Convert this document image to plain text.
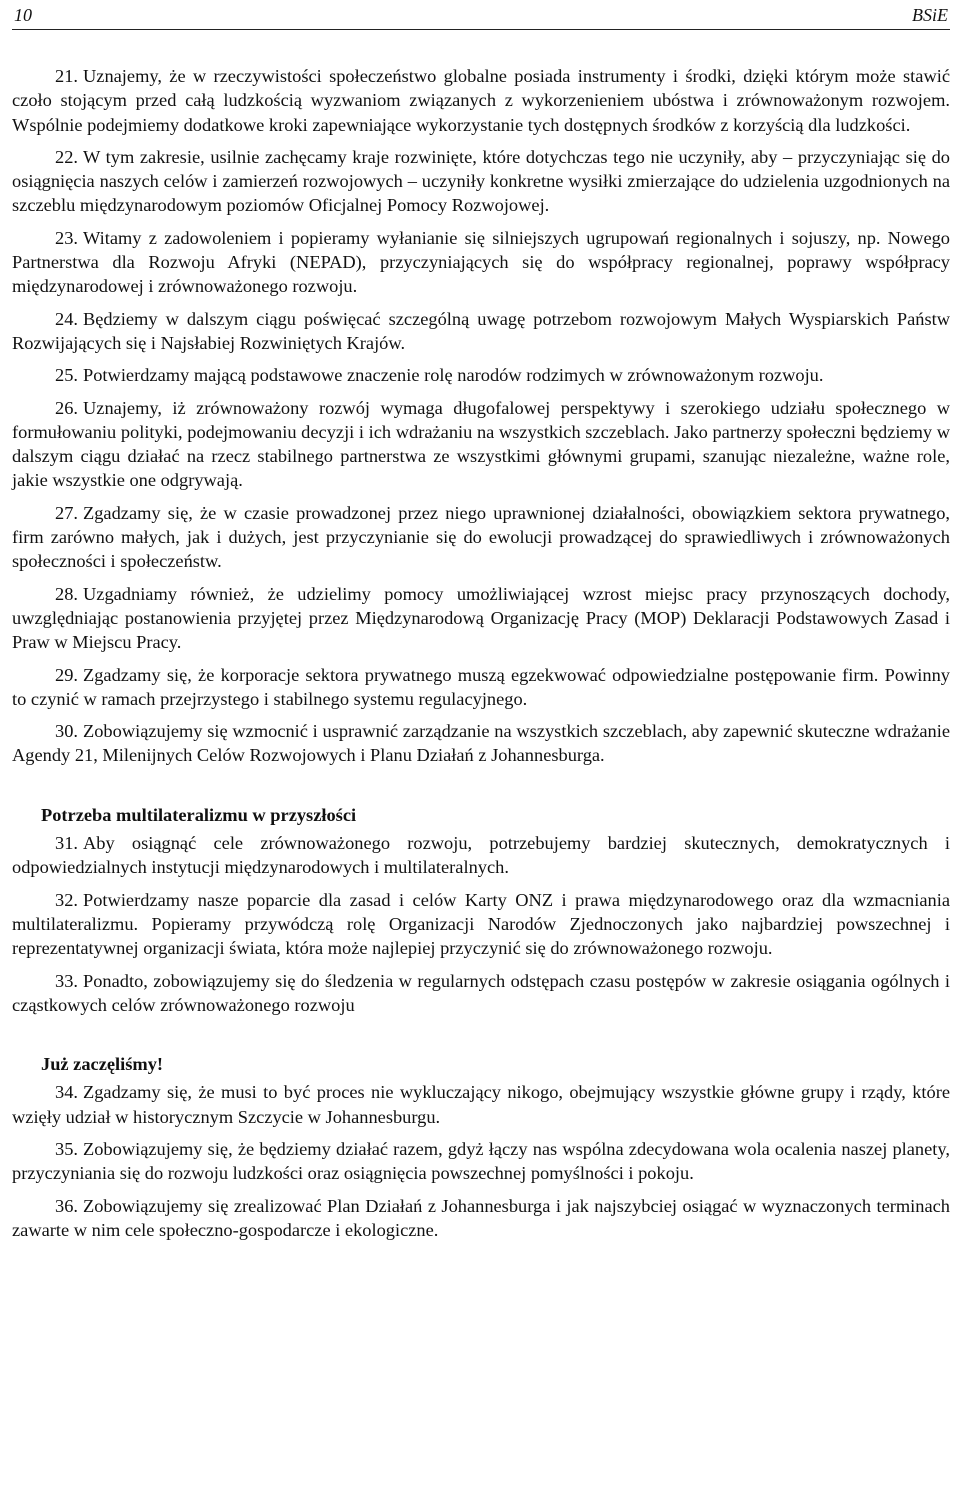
10	BSiE

21. Uznajemy, że w rzeczywistości społeczeństwo globalne posiada instrumenty i środki, dzięki którym może stawić czoło stojącym przed całą ludzkością wyzwaniom związanych z wykorzenieniem ubóstwa i zrównoważonym rozwojem. Wspólnie podejmiemy dodatkowe kroki zapewniające wykorzystanie tych dostępnych środków z korzyścią dla ludzkości.

22. W tym zakresie, usilnie zachęcamy kraje rozwinięte, które dotychczas tego nie uczyniły, aby – przyczyniając się do osiągnięcia naszych celów i zamierzeń rozwojowych – uczyniły konkretne wysiłki zmierzające do udzielenia uzgodnionych na szczeblu międzynarodowym poziomów Oficjalnej Pomocy Rozwojowej.

23. Witamy z zadowoleniem i popieramy wyłanianie się silniejszych ugrupowań regionalnych i sojuszy, np. Nowego Partnerstwa dla Rozwoju Afryki (NEPAD), przyczyniających się do współpracy regionalnej, poprawy współpracy międzynarodowej i zrównoważonego rozwoju.

24. Będziemy w dalszym ciągu poświęcać szczególną uwagę potrzebom rozwojowym Małych Wyspiarskich Państw Rozwijających się i Najsłabiej Rozwiniętych Krajów.

25. Potwierdzamy mającą podstawowe znaczenie rolę narodów rodzimych w zrównoważonym rozwoju.

26. Uznajemy, iż zrównoważony rozwój wymaga długofalowej perspektywy i szerokiego udziału społecznego w formułowaniu polityki, podejmowaniu decyzji i ich wdrażaniu na wszystkich szczeblach. Jako partnerzy społeczni będziemy w dalszym ciągu działać na rzecz stabilnego partnerstwa ze wszystkimi głównymi grupami, szanując niezależne, ważne role, jakie wszystkie one odgrywają.

27. Zgadzamy się, że w czasie prowadzonej przez niego uprawnionej działalności, obowiązkiem sektora prywatnego, firm zarówno małych, jak i dużych, jest przyczynianie się do ewolucji prowadzącej do sprawiedliwych i zrównoważonych społeczności i społeczeństw.

28. Uzgadniamy również, że udzielimy pomocy umożliwiającej wzrost miejsc pracy przynoszących dochody, uwzględniając postanowienia przyjętej przez Międzynarodową Organizację Pracy (MOP) Deklaracji Podstawowych Zasad i Praw w Miejscu Pracy.

29. Zgadzamy się, że korporacje sektora prywatnego muszą egzekwować odpowiedzialne postępowanie firm. Powinny to czynić w ramach przejrzystego i stabilnego systemu regulacyjnego.

30. Zobowiązujemy się wzmocnić i usprawnić zarządzanie na wszystkich szczeblach, aby zapewnić skuteczne wdrażanie Agendy 21, Milenijnych Celów Rozwojowych i Planu Działań z Johannesburga.

Potrzeba multilateralizmu w przyszłości

31. Aby osiągnąć cele zrównoważonego rozwoju, potrzebujemy bardziej skutecznych, demokratycznych i odpowiedzialnych instytucji międzynarodowych i multilateralnych.

32. Potwierdzamy nasze poparcie dla zasad i celów Karty ONZ i prawa międzynarodowego oraz dla wzmacniania multilateralizmu. Popieramy przywódczą rolę Organizacji Narodów Zjednoczonych jako najbardziej powszechnej i reprezentatywnej organizacji świata, która może najlepiej przyczynić się do zrównoważonego rozwoju.

33. Ponadto, zobowiązujemy się do śledzenia w regularnych odstępach czasu postępów w zakresie osiągania ogólnych i cząstkowych celów zrównoważonego rozwoju

Już zaczęliśmy!

34. Zgadzamy się, że musi to być proces nie wykluczający nikogo, obejmujący wszystkie główne grupy i rządy, które wzięły udział w historycznym Szczycie w Johannesburgu.

35. Zobowiązujemy się, że będziemy działać razem, gdyż łączy nas wspólna zdecydowana wola ocalenia naszej planety, przyczyniania się do rozwoju ludzkości oraz osiągnięcia powszechnej pomyślności i pokoju.

36. Zobowiązujemy się zrealizować Plan Działań z Johannesburga i jak najszybciej osiągać w wyznaczonych terminach zawarte w nim cele społeczno-gospodarcze i ekologiczne.
